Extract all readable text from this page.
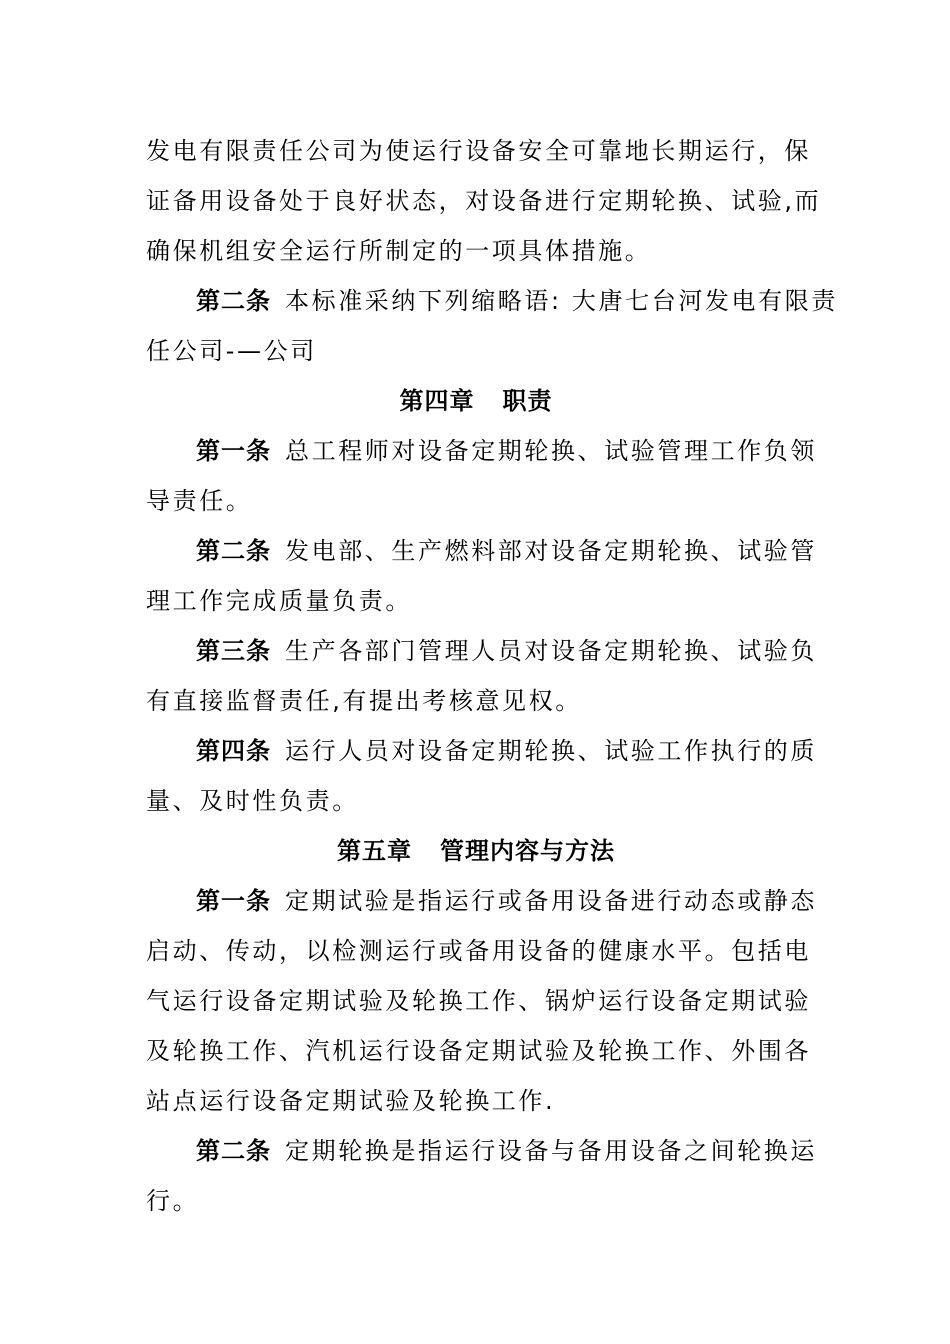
发电有限责任公司为使运行设备安全可靠地长期运行，保
证备用设备处于良好状态，对设备进行定期轮换、试验,而
确保机组安全运行所制定的一项具体措施。
第二条 本标准采纳下列缩略语: 大唐七台河发电有限责
任公司-—公司
第四章 职责
第一条 总工程师对设备定期轮换、试验管理工作负领
导责任。
第二条 发电部、生产燃料部对设备定期轮换、试验管
理工作完成质量负责。
第三条 生产各部门管理人员对设备定期轮换、试验负
有直接监督责任,有提出考核意见权。
第四条 运行人员对设备定期轮换、试验工作执行的质
量、及时性负责。
第五章 管理内容与方法
第一条 定期试验是指运行或备用设备进行动态或静态
启动、传动，以检测运行或备用设备的健康水平。包括电
气运行设备定期试验及轮换工作、锅炉运行设备定期试验
及轮换工作、汽机运行设备定期试验及轮换工作、外围各
站点运行设备定期试验及轮换工作.
第二条 定期轮换是指运行设备与备用设备之间轮换运
行。
